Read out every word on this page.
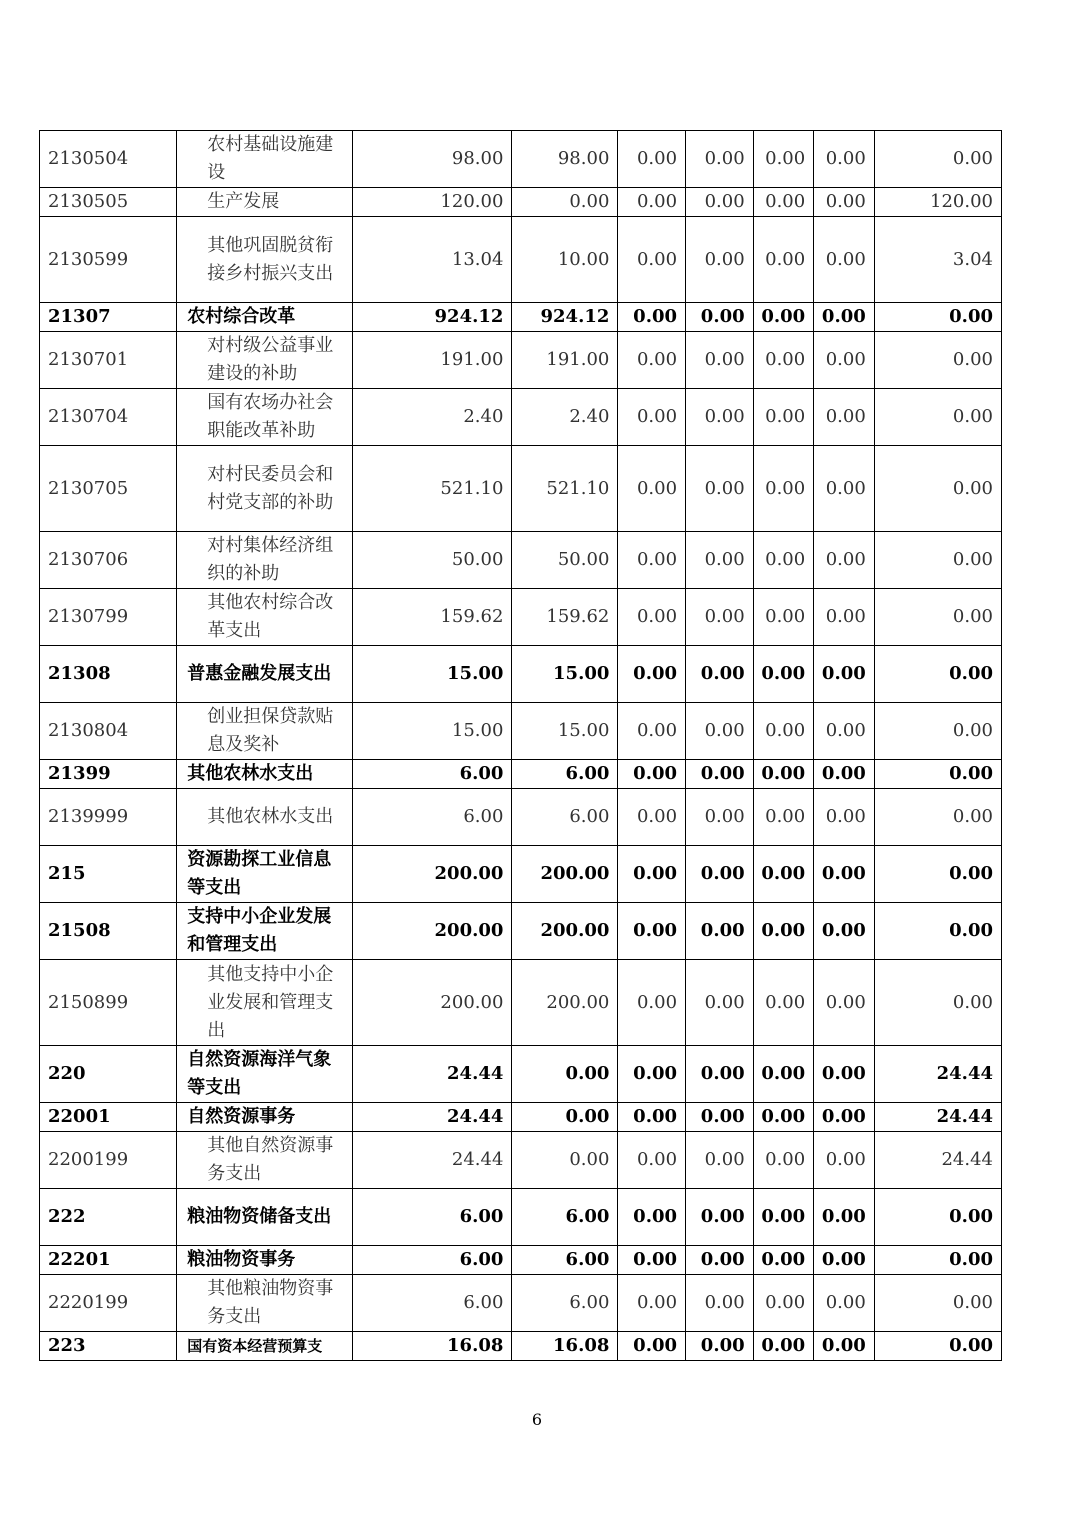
2130504	农村基础设施建设	98.00	98.00	0.00	0.00	0.00	0.00	0.00
2130505	生产发展	120.00	0.00	0.00	0.00	0.00	0.00	120.00
2130599	其他巩固脱贫衔接乡村振兴支出	13.04	10.00	0.00	0.00	0.00	0.00	3.04
21307	农村综合改革	924.12	924.12	0.00	0.00	0.00	0.00	0.00
2130701	对村级公益事业建设的补助	191.00	191.00	0.00	0.00	0.00	0.00	0.00
2130704	国有农场办社会职能改革补助	2.40	2.40	0.00	0.00	0.00	0.00	0.00
2130705	对村民委员会和村党支部的补助	521.10	521.10	0.00	0.00	0.00	0.00	0.00
2130706	对村集体经济组织的补助	50.00	50.00	0.00	0.00	0.00	0.00	0.00
2130799	其他农村综合改革支出	159.62	159.62	0.00	0.00	0.00	0.00	0.00
21308	普惠金融发展支出	15.00	15.00	0.00	0.00	0.00	0.00	0.00
2130804	创业担保贷款贴息及奖补	15.00	15.00	0.00	0.00	0.00	0.00	0.00
21399	其他农林水支出	6.00	6.00	0.00	0.00	0.00	0.00	0.00
2139999	其他农林水支出	6.00	6.00	0.00	0.00	0.00	0.00	0.00
215	资源勘探工业信息等支出	200.00	200.00	0.00	0.00	0.00	0.00	0.00
21508	支持中小企业发展和管理支出	200.00	200.00	0.00	0.00	0.00	0.00	0.00
2150899	其他支持中小企业发展和管理支出	200.00	200.00	0.00	0.00	0.00	0.00	0.00
220	自然资源海洋气象等支出	24.44	0.00	0.00	0.00	0.00	0.00	24.44
22001	自然资源事务	24.44	0.00	0.00	0.00	0.00	0.00	24.44
2200199	其他自然资源事务支出	24.44	0.00	0.00	0.00	0.00	0.00	24.44
222	粮油物资储备支出	6.00	6.00	0.00	0.00	0.00	0.00	0.00
22201	粮油物资事务	6.00	6.00	0.00	0.00	0.00	0.00	0.00
2220199	其他粮油物资事务支出	6.00	6.00	0.00	0.00	0.00	0.00	0.00
223	国有资本经营预算支	16.08	16.08	0.00	0.00	0.00	0.00	0.00
6
